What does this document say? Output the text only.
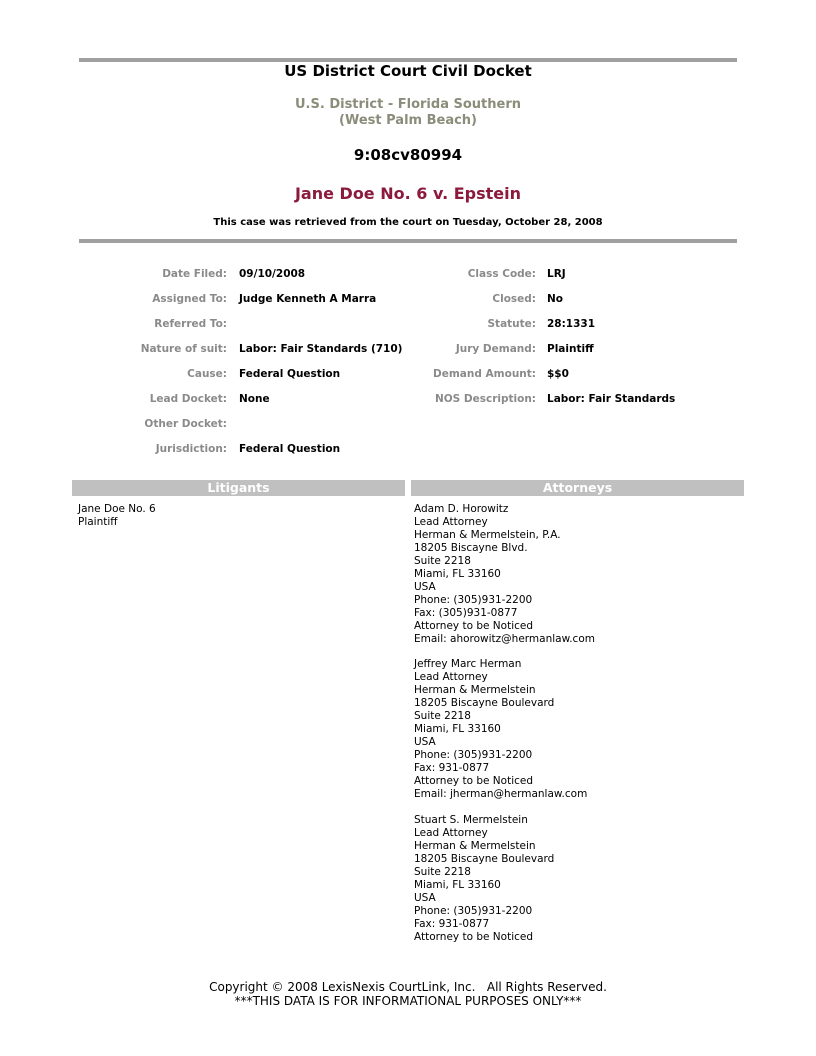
US District Court Civil Docket
U.S. District - Florida Southern
(West Palm Beach)
9:08cv80994
Jane Doe No. 6 v. Epstein
This case was retrieved from the court on Tuesday, October 28, 2008
Date Filed: 09/10/2008
Assigned To: Judge Kenneth A Marra
Referred To:
Nature of suit: Labor: Fair Standards (710)
Cause: Federal Question
Lead Docket: None
Other Docket:
Jurisdiction: Federal Question
Class Code: LRJ
Closed: No
Statute: 28:1331
Jury Demand: Plaintiff
Demand Amount: $$0
NOS Description: Labor: Fair Standards
Litigants	Attorneys
Jane Doe No. 6
Plaintiff
Adam D. Horowitz
Lead Attorney
Herman & Mermelstein, P.A.
18205 Biscayne Blvd.
Suite 2218
Miami, FL 33160
USA
Phone: (305)931-2200
Fax: (305)931-0877
Attorney to be Noticed
Email: ahorowitz@hermanlaw.com
Jeffrey Marc Herman
Lead Attorney
Herman & Mermelstein
18205 Biscayne Boulevard
Suite 2218
Miami, FL 33160
USA
Phone: (305)931-2200
Fax: 931-0877
Attorney to be Noticed
Email: jherman@hermanlaw.com
Stuart S. Mermelstein
Lead Attorney
Herman & Mermelstein
18205 Biscayne Boulevard
Suite 2218
Miami, FL 33160
USA
Phone: (305)931-2200
Fax: 931-0877
Attorney to be Noticed
Copyright © 2008 LexisNexis CourtLink, Inc.   All Rights Reserved.
***THIS DATA IS FOR INFORMATIONAL PURPOSES ONLY***
